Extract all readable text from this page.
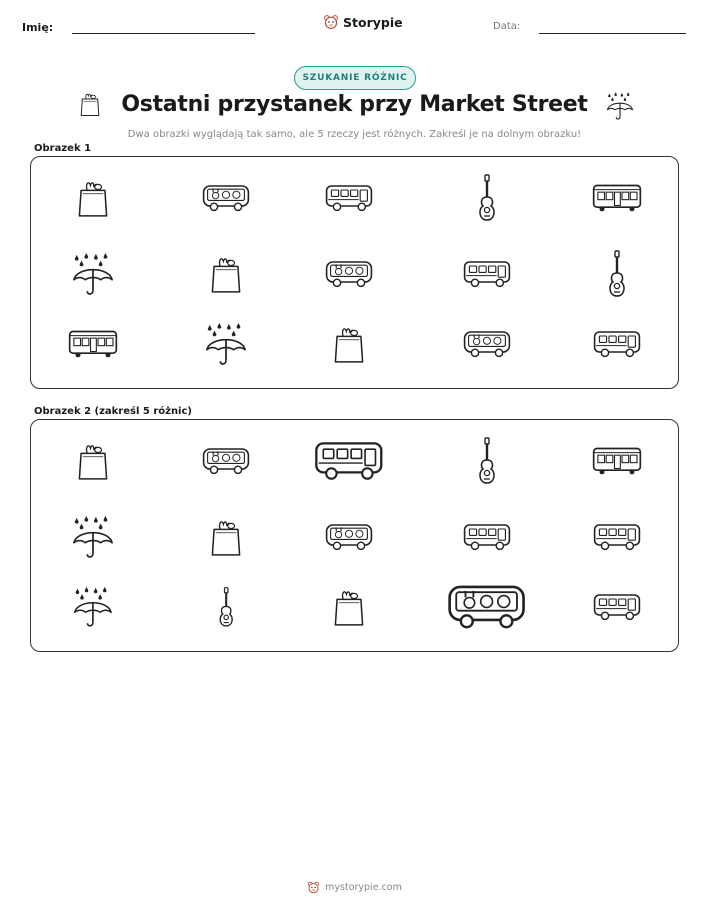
Imię:	Storypie	Data:
SZUKANIE RÓŻNIC
Ostatni przystanek przy Market Street
Dwa obrazki wyglądają tak samo, ale 5 rzeczy jest różnych. Zakreśl je na dolnym obrazku!
Obrazek 1
Obrazek 2 (zakreśl 5 różnic)
mystorypie.com
